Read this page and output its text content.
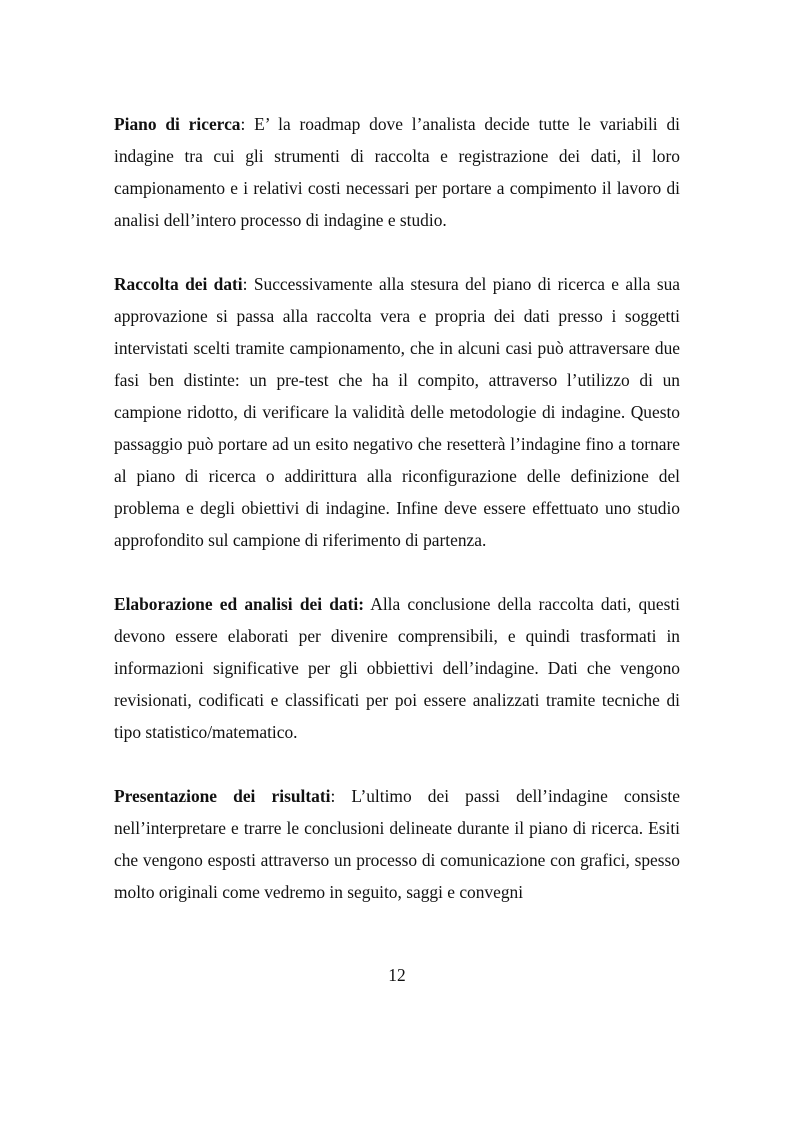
Piano di ricerca: E’ la roadmap dove l’analista decide tutte le variabili di indagine tra cui gli strumenti di raccolta e registrazione dei dati, il loro campionamento e i relativi costi necessari per portare a compimento il lavoro di analisi dell’intero processo di indagine e studio.

Raccolta dei dati: Successivamente alla stesura del piano di ricerca e alla sua approvazione si passa alla raccolta vera e propria dei dati presso i soggetti intervistati scelti tramite campionamento, che in alcuni casi può attraversare due fasi ben distinte: un pre-test che ha il compito, attraverso l’utilizzo di un campione ridotto, di verificare la validità delle metodologie di indagine. Questo passaggio può portare ad un esito negativo che resetterà l’indagine fino a tornare al piano di ricerca o addirittura alla riconfigurazione delle definizione del problema e degli obiettivi di indagine. Infine deve essere effettuato uno studio approfondito sul campione di riferimento di partenza.

Elaborazione ed analisi dei dati: Alla conclusione della raccolta dati, questi devono essere elaborati per divenire comprensibili, e quindi trasformati in informazioni significative per gli obbiettivi dell’indagine. Dati che vengono revisionati, codificati e classificati per poi essere analizzati tramite tecniche di tipo statistico/matematico.

Presentazione dei risultati: L’ultimo dei passi dell’indagine consiste nell’interpretare e trarre le conclusioni delineate durante il piano di ricerca. Esiti che vengono esposti attraverso un processo di comunicazione con grafici, spesso molto originali come vedremo in seguito, saggi e convegni

12
